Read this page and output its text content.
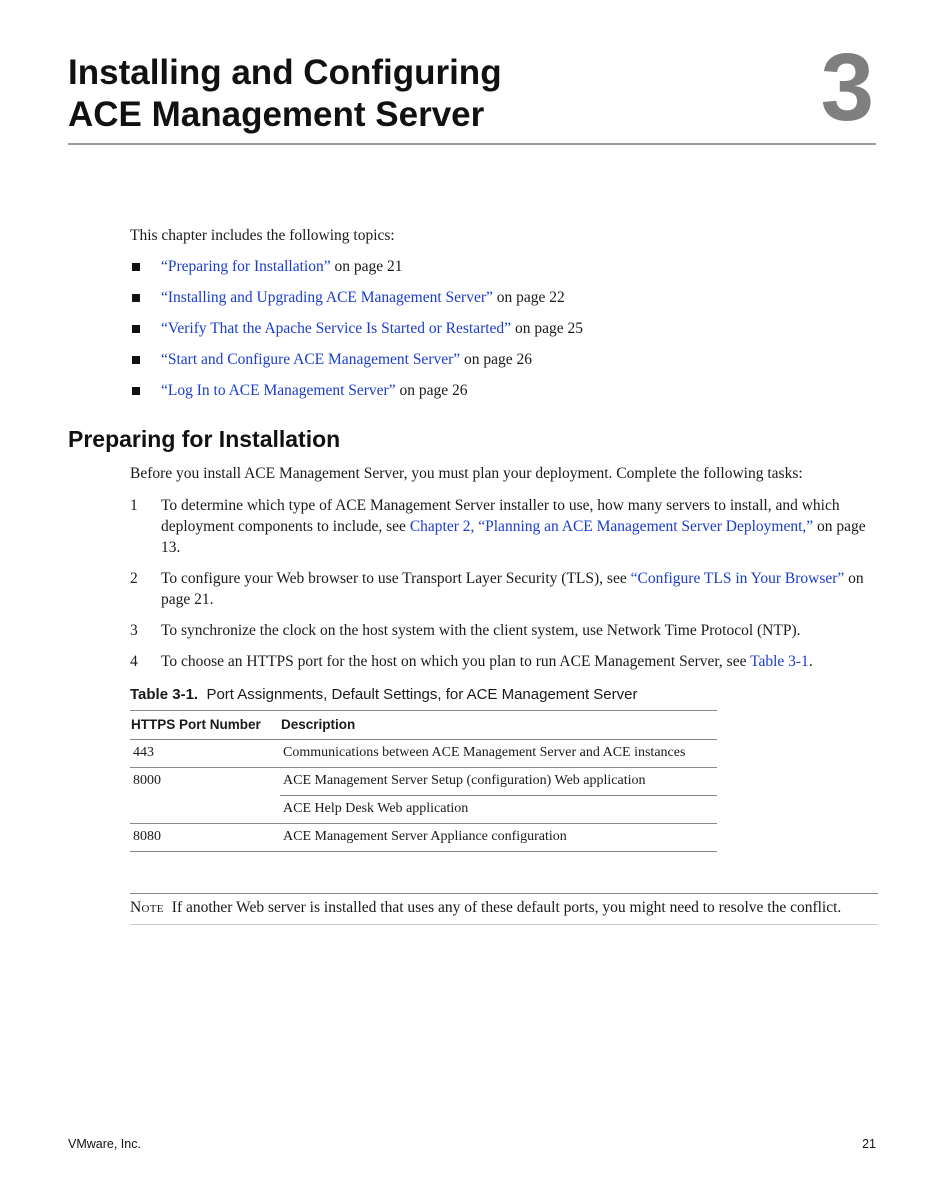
Installing and Configuring
ACE Management Server	3

This chapter includes the following topics:

“Preparing for Installation” on page 21
“Installing and Upgrading ACE Management Server” on page 22
“Verify That the Apache Service Is Started or Restarted” on page 25
“Start and Configure ACE Management Server” on page 26
“Log In to ACE Management Server” on page 26
Preparing for Installation

Before you install ACE Management Server, you must plan your deployment. Complete the following tasks:

1 To determine which type of ACE Management Server installer to use, how many servers to install, and which deployment components to include, see Chapter 2, “Planning an ACE Management Server Deployment,” on page 13.
2 To configure your Web browser to use Transport Layer Security (TLS), see “Configure TLS in Your Browser” on page 21.
3 To synchronize the clock on the host system with the client system, use Network Time Protocol (NTP).
4 To choose an HTTPS port for the host on which you plan to run ACE Management Server, see Table 3-1.

Table 3-1. Port Assignments, Default Settings, for ACE Management Server

HTTPS Port Number	Description
443	Communications between ACE Management Server and ACE instances
8000	ACE Management Server Setup (configuration) Web application
	ACE Help Desk Web application
8080	ACE Management Server Appliance configuration
Note If another Web server is installed that uses any of these default ports, you might need to resolve the conflict.
VMware, Inc.	21
